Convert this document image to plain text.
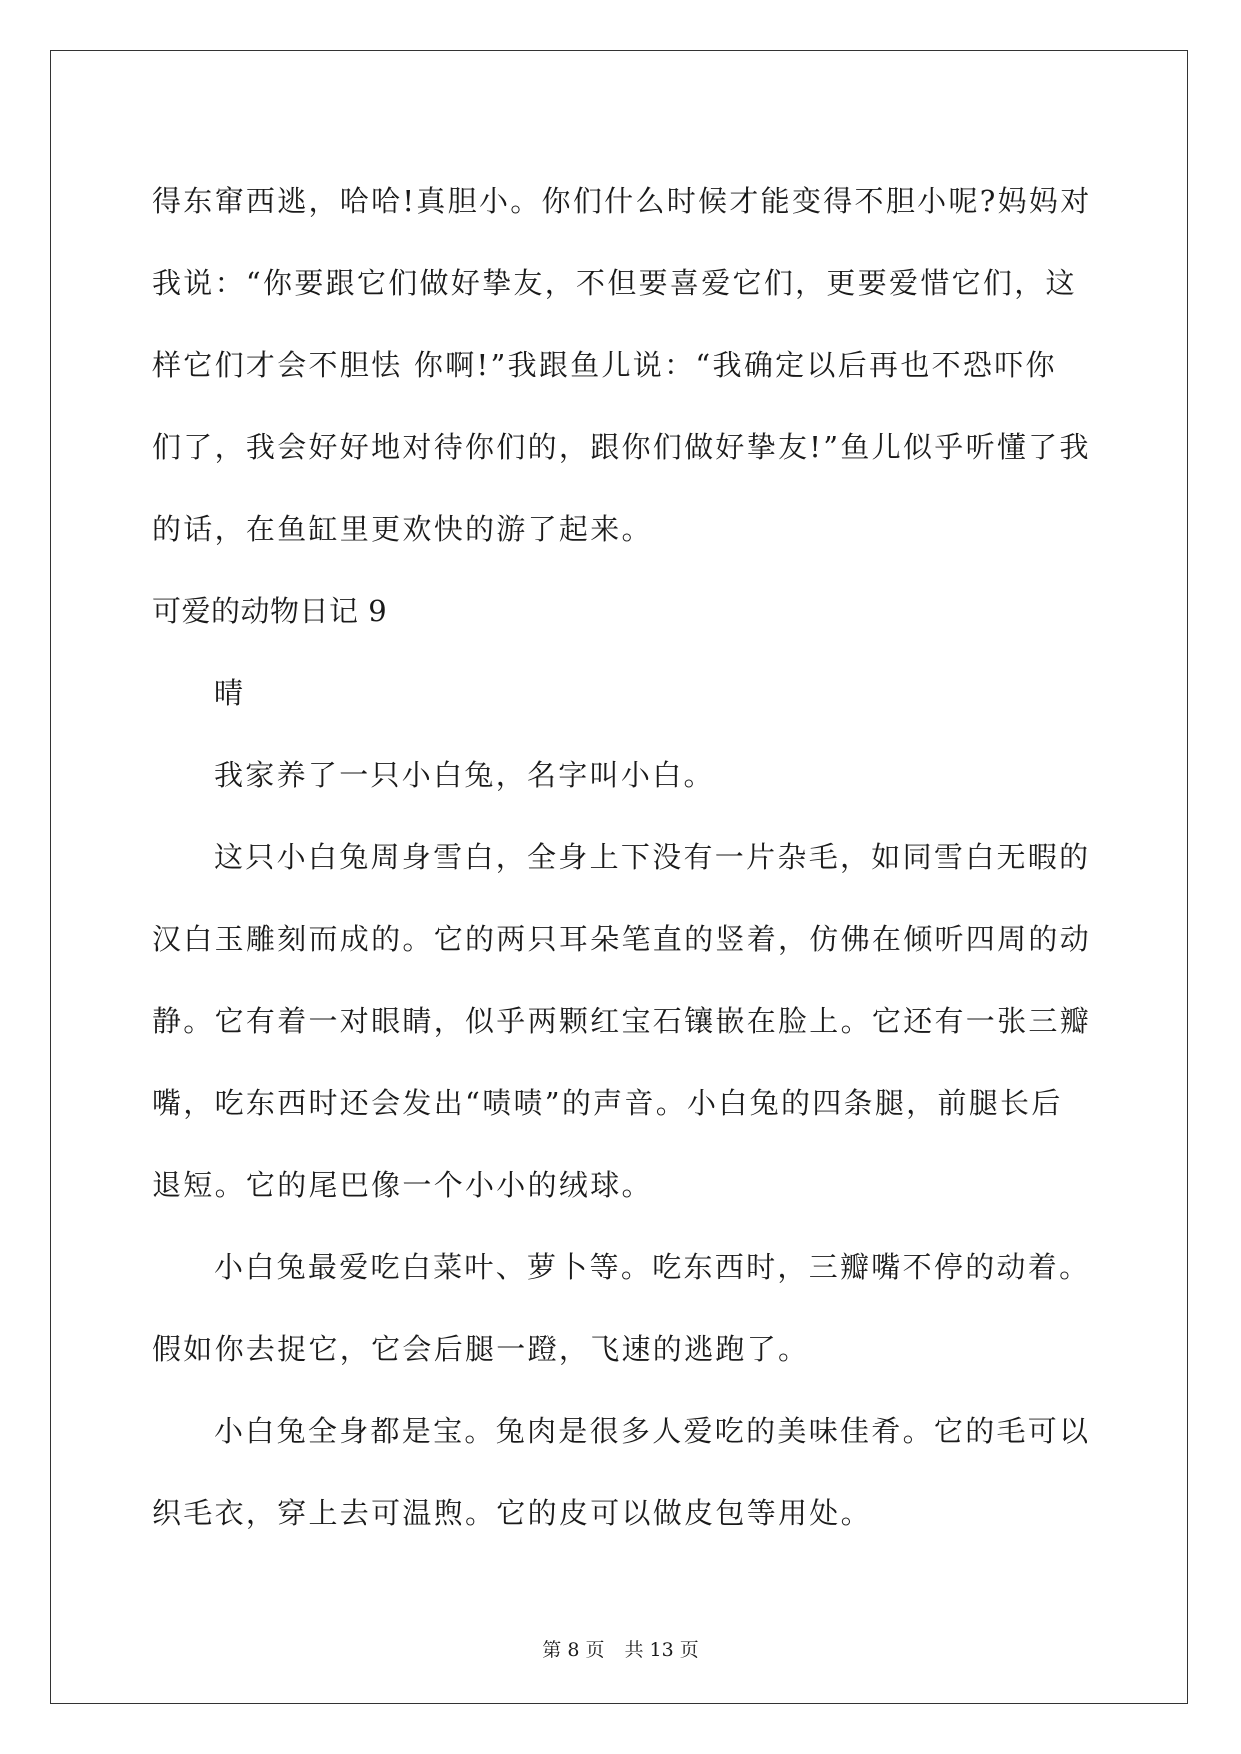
得东窜西逃，哈哈!真胆小。你们什么时候才能变得不胆小呢?妈妈对
我说：“你要跟它们做好挚友，不但要喜爱它们，更要爱惜它们，这
样它们才会不胆怯 你啊!”我跟鱼儿说：“我确定以后再也不恐吓你
们了，我会好好地对待你们的，跟你们做好挚友!”鱼儿似乎听懂了我
的话，在鱼缸里更欢快的游了起来。
可爱的动物日记 9
晴
我家养了一只小白兔，名字叫小白。
这只小白兔周身雪白，全身上下没有一片杂毛，如同雪白无暇的
汉白玉雕刻而成的。它的两只耳朵笔直的竖着，仿佛在倾听四周的动
静。它有着一对眼睛，似乎两颗红宝石镶嵌在脸上。它还有一张三瓣
嘴，吃东西时还会发出“啧啧”的声音。小白兔的四条腿，前腿长后
退短。它的尾巴像一个小小的绒球。
小白兔最爱吃白菜叶、萝卜等。吃东西时，三瓣嘴不停的动着。
假如你去捉它，它会后腿一蹬，飞速的逃跑了。
小白兔全身都是宝。兔肉是很多人爱吃的美味佳肴。它的毛可以
织毛衣，穿上去可温煦。它的皮可以做皮包等用处。
第 8 页 共 13 页
